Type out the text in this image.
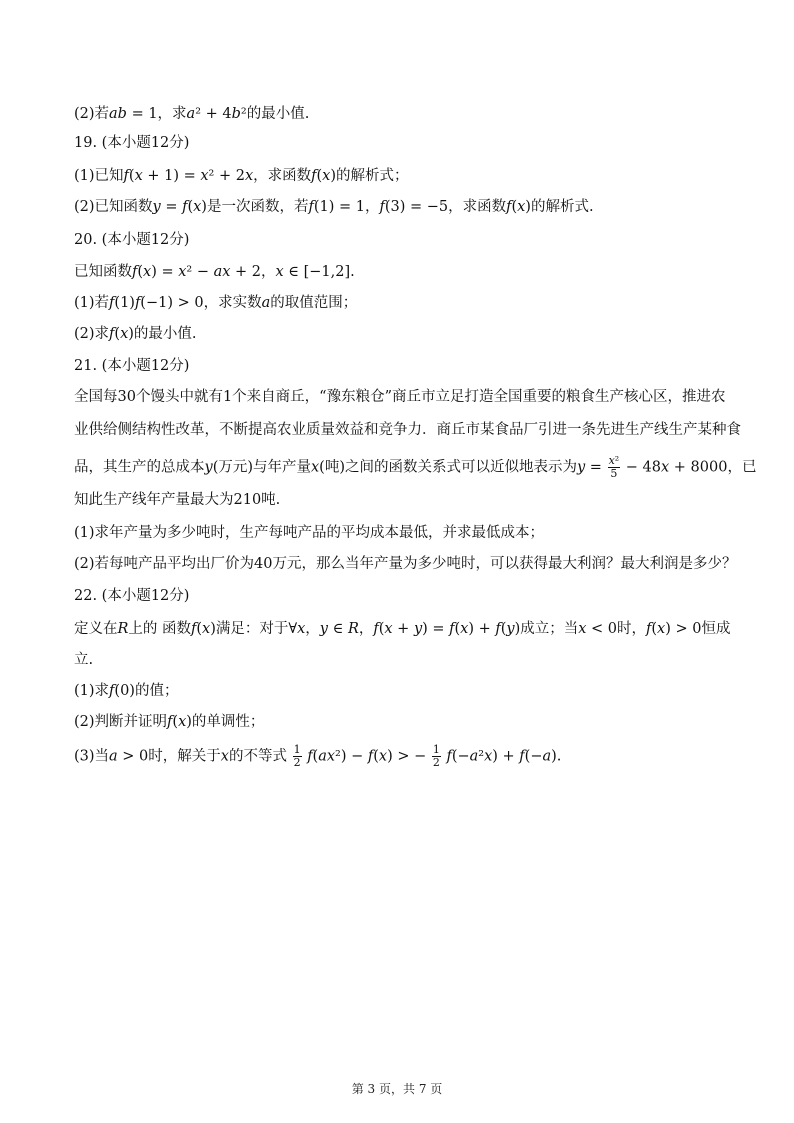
(2)若𝑎𝑏 = 1，求𝑎² + 4𝑏²的最小值.
19. (本小题12分)
(1)已知𝑓(𝑥 + 1) = 𝑥² + 2𝑥，求函数𝑓(𝑥)的解析式；
(2)已知函数𝑦 = 𝑓(𝑥)是一次函数，若𝑓(1) = 1，𝑓(3) = −5，求函数𝑓(𝑥)的解析式.
20. (本小题12分)
已知函数𝑓(𝑥) = 𝑥² − 𝑎𝑥 + 2，𝑥 ∈ [−1,2].
(1)若𝑓(1)𝑓(−1) > 0，求实数𝑎的取值范围；
(2)求𝑓(𝑥)的最小值.
21. (本小题12分)
全国每30个馒头中就有1个来自商丘，“豫东粮仓”商丘市立足打造全国重要的粮食生产核心区，推进农
业供给侧结构性改革，不断提高农业质量效益和竞争力．商丘市某食品厂引进一条先进生产线生产某种食
品，其生产的总成本𝑦(万元)与年产量𝑥(吨)之间的函数关系式可以近似地表示为𝑦 = $\frac{\text{𝑥²}}{5}$ − 48𝑥 + 8000，已
知此生产线年产量最大为210吨.
(1)求年产量为多少吨时，生产每吨产品的平均成本最低，并求最低成本；
(2)若每吨产品平均出厂价为40万元，那么当年产量为多少吨时，可以获得最大利润？最大利润是多少？
22. (本小题12分)
定义在𝑅上的 函数𝑓(𝑥)满足：对于∀𝑥，𝑦 ∈ 𝑅，𝑓(𝑥 + 𝑦) = 𝑓(𝑥) + 𝑓(𝑦)成立；当𝑥 < 0时，𝑓(𝑥) > 0恒成
立.
(1)求𝑓(0)的值；
(2)判断并证明𝑓(𝑥)的单调性；
(3)当𝑎 > 0时，解关于𝑥的不等式 $\frac{1}{2}$ 𝑓(𝑎𝑥²) − 𝑓(𝑥) > − $\frac{1}{2}$ 𝑓(−𝑎²𝑥) + 𝑓(−𝑎).
第 3 页，共 7 页
